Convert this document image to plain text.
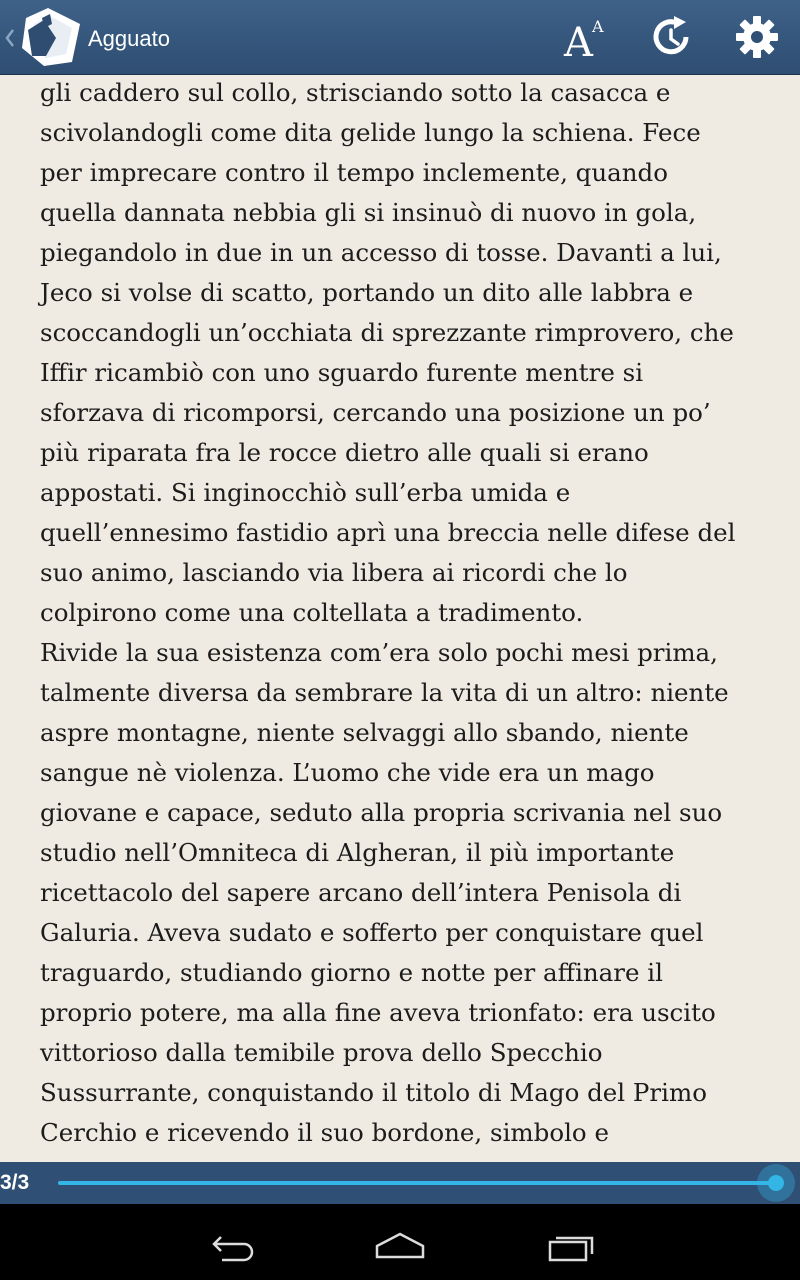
Agguato	A A
gli caddero sul collo, strisciando sotto la casacca e
scivolandogli come dita gelide lungo la schiena. Fece
per imprecare contro il tempo inclemente, quando
quella dannata nebbia gli si insinuò di nuovo in gola,
piegandolo in due in un accesso di tosse. Davanti a lui,
Jeco si volse di scatto, portando un dito alle labbra e
scoccandogli un’occhiata di sprezzante rimprovero, che
Iffir ricambiò con uno sguardo furente mentre si
sforzava di ricomporsi, cercando una posizione un po’
più riparata fra le rocce dietro alle quali si erano
appostati. Si inginocchiò sull’erba umida e
quell’ennesimo fastidio aprì una breccia nelle difese del
suo animo, lasciando via libera ai ricordi che lo
colpirono come una coltellata a tradimento.
Rivide la sua esistenza com’era solo pochi mesi prima,
talmente diversa da sembrare la vita di un altro: niente
aspre montagne, niente selvaggi allo sbando, niente
sangue nè violenza. L’uomo che vide era un mago
giovane e capace, seduto alla propria scrivania nel suo
studio nell’Omniteca di Algheran, il più importante
ricettacolo del sapere arcano dell’intera Penisola di
Galuria. Aveva sudato e sofferto per conquistare quel
traguardo, studiando giorno e notte per affinare il
proprio potere, ma alla fine aveva trionfato: era uscito
vittorioso dalla temibile prova dello Specchio
Sussurrante, conquistando il titolo di Mago del Primo
Cerchio e ricevendo il suo bordone, simbolo e
3/3
